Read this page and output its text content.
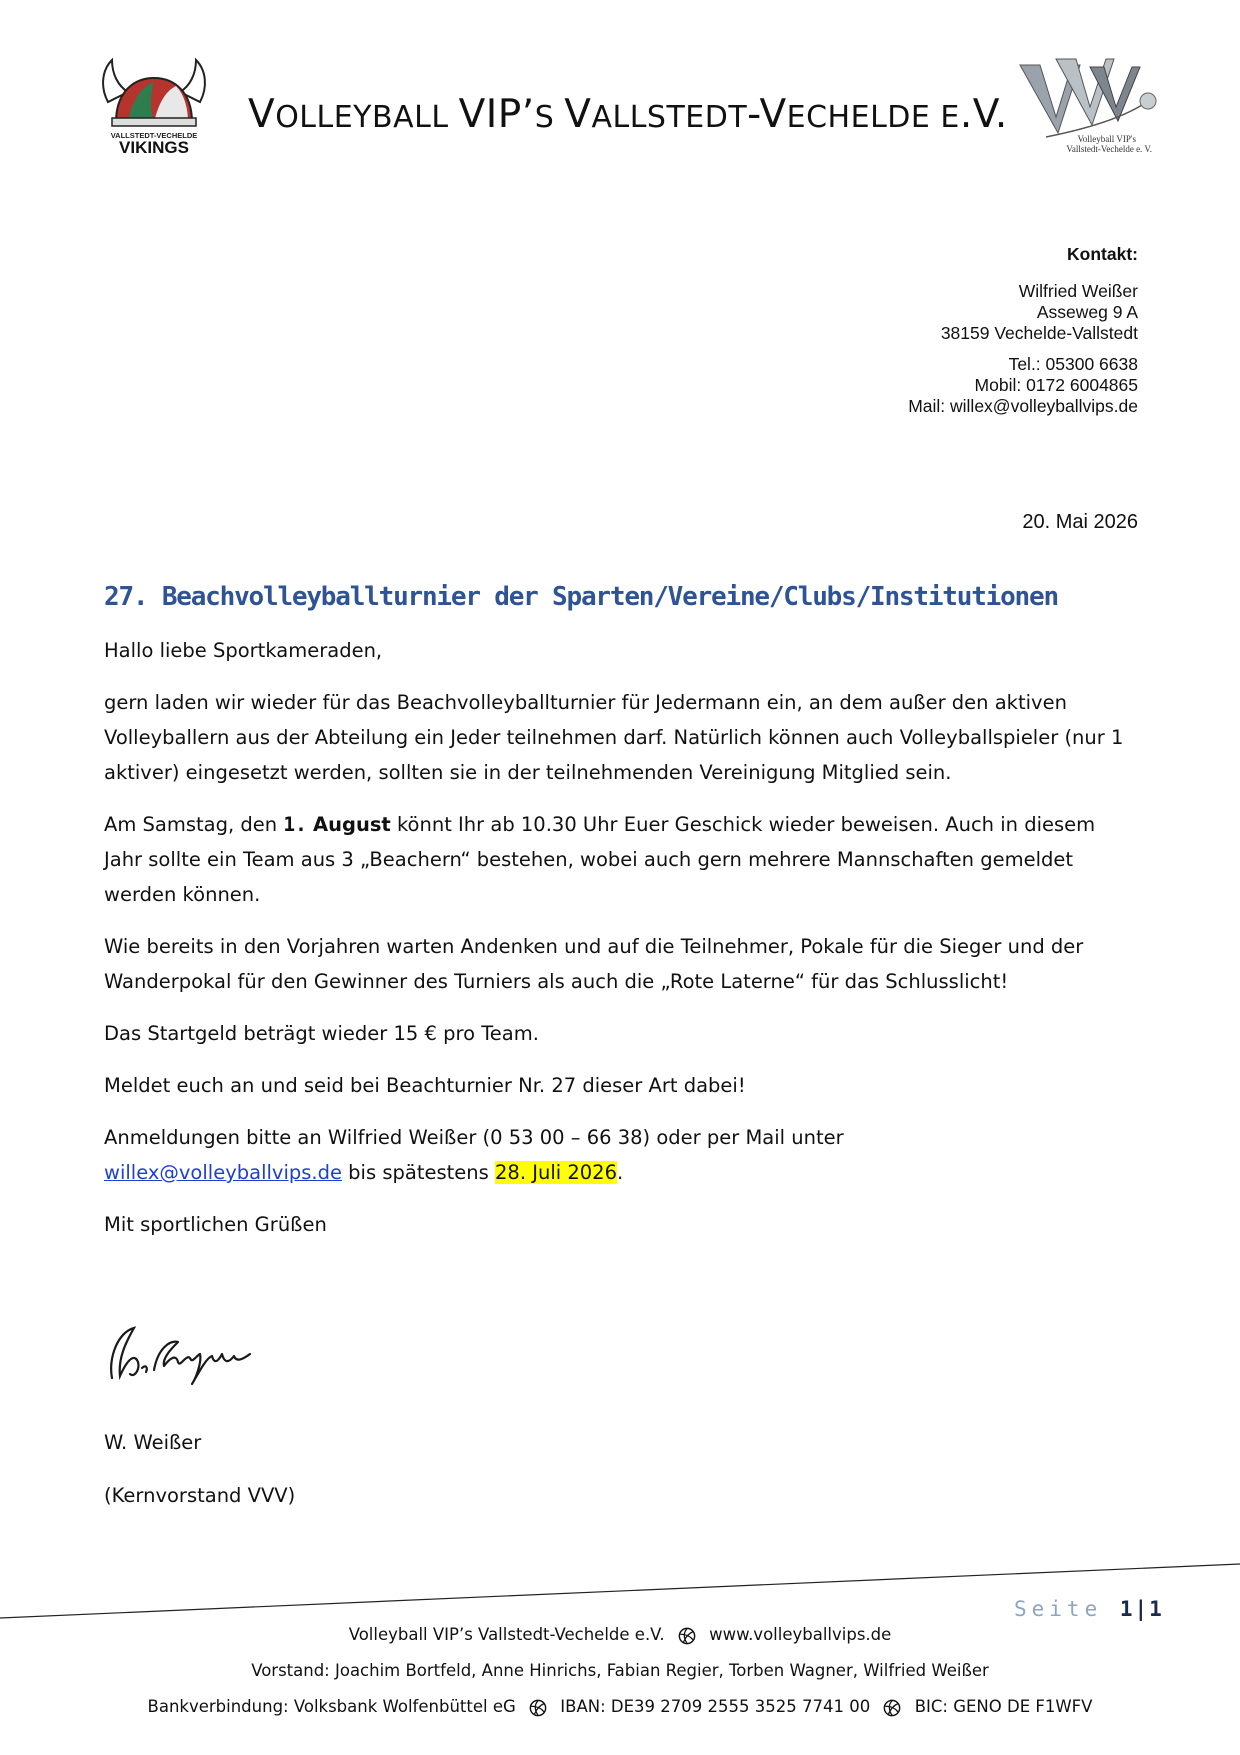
VALLSTEDT-VECHELDE
VIKINGS
VOLLEYBALL VIP’S VALLSTEDT-VECHELDE E.V.
Volleyball VIP's
Vallstedt-Vechelde e. V.
Kontakt:
Wilfried Weißer
Asseweg 9 A
38159 Vechelde-Vallstedt
Tel.: 05300 6638
Mobil: 0172 6004865
Mail: willex@volleyballvips.de
20. Mai 2026
27. Beachvolleyballturnier der Sparten/Vereine/Clubs/Institutionen

Hallo liebe Sportkameraden,

gern laden wir wieder für das Beachvolleyballturnier für Jedermann ein, an dem außer den aktiven Volleyballern aus der Abteilung ein Jeder teilnehmen darf. Natürlich können auch Volleyballspieler (nur 1 aktiver) eingesetzt werden, sollten sie in der teilnehmenden Vereinigung Mitglied sein.

Am Samstag, den 1. August könnt Ihr ab 10.30 Uhr Euer Geschick wieder beweisen. Auch in diesem Jahr sollte ein Team aus 3 „Beachern“ bestehen, wobei auch gern mehrere Mannschaften gemeldet werden können.

Wie bereits in den Vorjahren warten Andenken und auf die Teilnehmer, Pokale für die Sieger und der Wanderpokal für den Gewinner des Turniers als auch die „Rote Laterne“ für das Schlusslicht!

Das Startgeld beträgt wieder 15 € pro Team.

Meldet euch an und seid bei Beachturnier Nr. 27 dieser Art dabei!

Anmeldungen bitte an Wilfried Weißer (0 53 00 – 66 38) oder per Mail unter
willex@volleyballvips.de bis spätestens 28. Juli 2026.

Mit sportlichen Grüßen

W. Weißer
(Kernvorstand VVV)
Seite 1|1
Volleyball VIP’s Vallstedt-Vechelde e.V.	www.volleyballvips.de
Vorstand: Joachim Bortfeld, Anne Hinrichs, Fabian Regier, Torben Wagner, Wilfried Weißer
Bankverbindung: Volksbank Wolfenbüttel eG	IBAN: DE39 2709 2555 3525 7741 00	BIC: GENO DE F1WFV
